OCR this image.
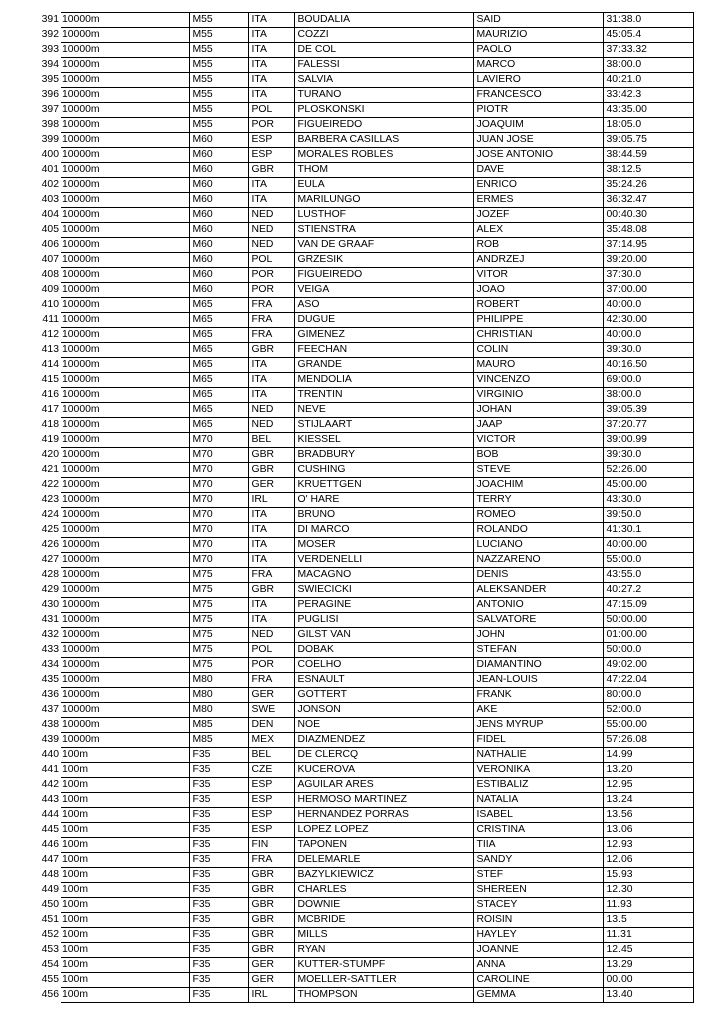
391	10000m	M55	ITA	BOUDALIA	SAID	31:38.0
392	10000m	M55	ITA	COZZI	MAURIZIO	45:05.4
393	10000m	M55	ITA	DE COL	PAOLO	37:33.32
394	10000m	M55	ITA	FALESSI	MARCO	38:00.0
395	10000m	M55	ITA	SALVIA	LAVIERO	40:21.0
396	10000m	M55	ITA	TURANO	FRANCESCO	33:42.3
397	10000m	M55	POL	PLOSKONSKI	PIOTR	43:35.00
398	10000m	M55	POR	FIGUEIREDO	JOAQUIM	18:05.0
399	10000m	M60	ESP	BARBERA CASILLAS	JUAN JOSE	39:05.75
400	10000m	M60	ESP	MORALES ROBLES	JOSE ANTONIO	38:44.59
401	10000m	M60	GBR	THOM	DAVE	38:12.5
402	10000m	M60	ITA	EULA	ENRICO	35:24.26
403	10000m	M60	ITA	MARILUNGO	ERMES	36:32.47
404	10000m	M60	NED	LUSTHOF	JOZEF	00:40.30
405	10000m	M60	NED	STIENSTRA	ALEX	35:48.08
406	10000m	M60	NED	VAN DE GRAAF	ROB	37:14.95
407	10000m	M60	POL	GRZESIK	ANDRZEJ	39:20.00
408	10000m	M60	POR	FIGUEIREDO	VITOR	37:30.0
409	10000m	M60	POR	VEIGA	JOAO	37:00.00
410	10000m	M65	FRA	ASO	ROBERT	40:00.0
411	10000m	M65	FRA	DUGUE	PHILIPPE	42:30.00
412	10000m	M65	FRA	GIMENEZ	CHRISTIAN	40:00.0
413	10000m	M65	GBR	FEECHAN	COLIN	39:30.0
414	10000m	M65	ITA	GRANDE	MAURO	40:16.50
415	10000m	M65	ITA	MENDOLIA	VINCENZO	69:00.0
416	10000m	M65	ITA	TRENTIN	VIRGINIO	38:00.0
417	10000m	M65	NED	NEVE	JOHAN	39:05.39
418	10000m	M65	NED	STIJLAART	JAAP	37:20.77
419	10000m	M70	BEL	KIESSEL	VICTOR	39:00.99
420	10000m	M70	GBR	BRADBURY	BOB	39:30.0
421	10000m	M70	GBR	CUSHING	STEVE	52:26.00
422	10000m	M70	GER	KRUETTGEN	JOACHIM	45:00.00
423	10000m	M70	IRL	O' HARE	TERRY	43:30.0
424	10000m	M70	ITA	BRUNO	ROMEO	39:50.0
425	10000m	M70	ITA	DI MARCO	ROLANDO	41:30.1
426	10000m	M70	ITA	MOSER	LUCIANO	40:00.00
427	10000m	M70	ITA	VERDENELLI	NAZZARENO	55:00.0
428	10000m	M75	FRA	MACAGNO	DENIS	43:55.0
429	10000m	M75	GBR	SWIECICKI	ALEKSANDER	40:27.2
430	10000m	M75	ITA	PERAGINE	ANTONIO	47:15.09
431	10000m	M75	ITA	PUGLISI	SALVATORE	50:00.00
432	10000m	M75	NED	GILST VAN	JOHN	01:00.00
433	10000m	M75	POL	DOBAK	STEFAN	50:00.0
434	10000m	M75	POR	COELHO	DIAMANTINO	49:02.00
435	10000m	M80	FRA	ESNAULT	JEAN-LOUIS	47:22.04
436	10000m	M80	GER	GOTTERT	FRANK	80:00.0
437	10000m	M80	SWE	JONSON	AKE	52:00.0
438	10000m	M85	DEN	NOE	JENS MYRUP	55:00.00
439	10000m	M85	MEX	DIAZMENDEZ	FIDEL	57:26.08
440	100m	F35	BEL	DE CLERCQ	NATHALIE	14.99
441	100m	F35	CZE	KUCEROVA	VERONIKA	13.20
442	100m	F35	ESP	AGUILAR ARES	ESTIBALIZ	12.95
443	100m	F35	ESP	HERMOSO MARTINEZ	NATALIA	13.24
444	100m	F35	ESP	HERNANDEZ PORRAS	ISABEL	13.56
445	100m	F35	ESP	LOPEZ LOPEZ	CRISTINA	13.06
446	100m	F35	FIN	TAPONEN	TIIA	12.93
447	100m	F35	FRA	DELEMARLE	SANDY	12.06
448	100m	F35	GBR	BAZYLKIEWICZ	STEF	15.93
449	100m	F35	GBR	CHARLES	SHEREEN	12.30
450	100m	F35	GBR	DOWNIE	STACEY	11.93
451	100m	F35	GBR	MCBRIDE	ROISIN	13.5
452	100m	F35	GBR	MILLS	HAYLEY	11.31
453	100m	F35	GBR	RYAN	JOANNE	12.45
454	100m	F35	GER	KUTTER-STUMPF	ANNA	13.29
455	100m	F35	GER	MOELLER-SATTLER	CAROLINE	00.00
456	100m	F35	IRL	THOMPSON	GEMMA	13.40
